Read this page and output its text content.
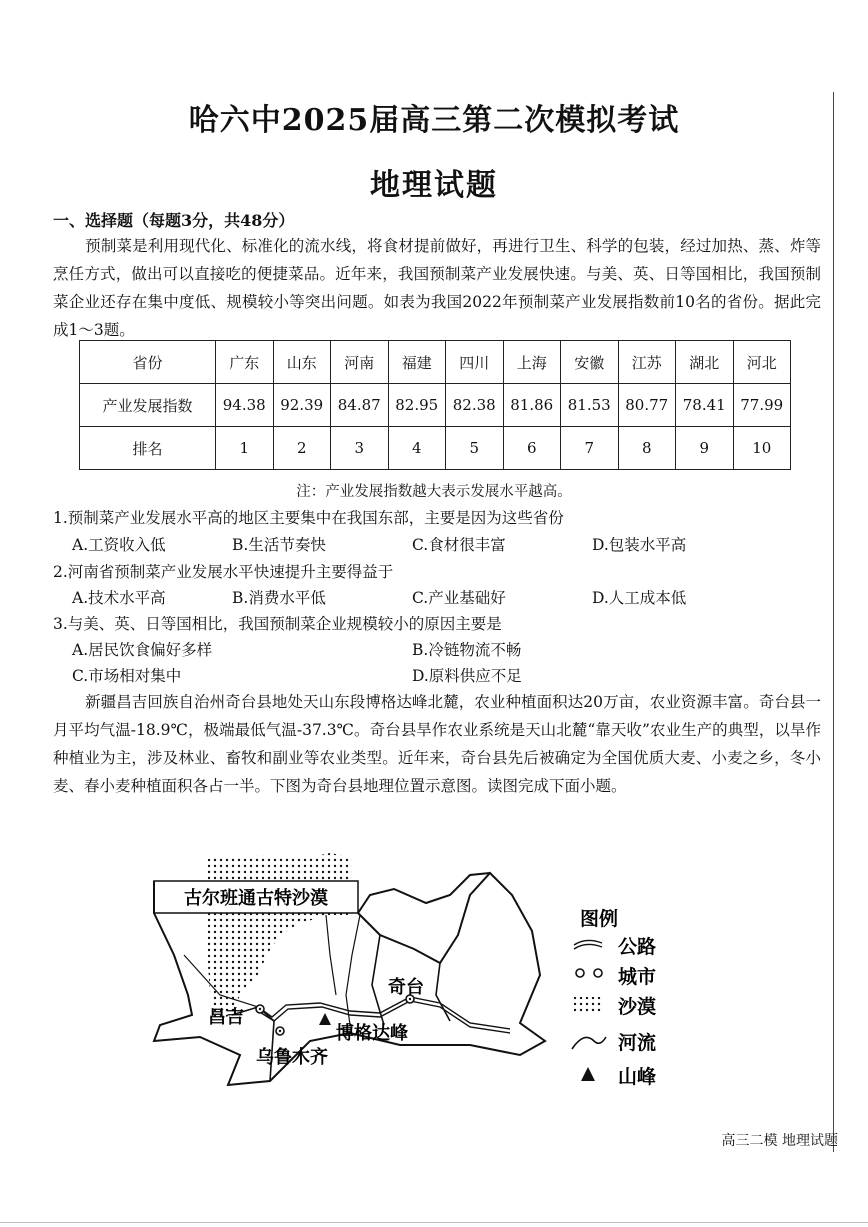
哈六中2025届高三第二次模拟考试
地理试题
一、选择题（每题3分，共48分）

预制菜是利用现代化、标准化的流水线，将食材提前做好，再进行卫生、科学的包装，经过加热、蒸、炸等烹任方式，做出可以直接吃的便捷菜品。近年来，我国预制菜产业发展快速。与美、英、日等国相比，我国预制菜企业还存在集中度低、规模较小等突出问题。如表为我国2022年预制菜产业发展指数前10名的省份。据此完成1～3题。

省份	广东	山东	河南	福建	四川	上海	安徽	江苏	湖北	河北
产业发展指数	94.38	92.39	84.87	82.95	82.38	81.86	81.53	80.77	78.41	77.99
排名	1	2	3	4	5	6	7	8	9	10
注：产业发展指数越大表示发展水平越高。
1.预制菜产业发展水平高的地区主要集中在我国东部，主要是因为这些省份
A.工资收入低	B.生活节奏快	C.食材很丰富	D.包装水平高
2.河南省预制菜产业发展水平快速提升主要得益于
A.技术水平高	B.消费水平低	C.产业基础好	D.人工成本低
3.与美、英、日等国相比，我国预制菜企业规模较小的原因主要是
A.居民饮食偏好多样	B.冷链物流不畅
C.市场相对集中	D.原料供应不足

新疆昌吉回族自治州奇台县地处天山东段博格达峰北麓，农业种植面积达20万亩，农业资源丰富。奇台县一月平均气温-18.9℃，极端最低气温-37.3℃。奇台县旱作农业系统是天山北麓“靠天收”农业生产的典型，以旱作种植业为主，涉及林业、畜牧和副业等农业类型。近年来，奇台县先后被确定为全国优质大麦、小麦之乡，冬小麦、春小麦种植面积各占一半。下图为奇台县地理位置示意图。读图完成下面小题。

古尔班通古特沙漠
昌吉
乌鲁木齐
奇台
博格达峰
图例
公路
城市
沙漠
河流
山峰
高三二模 地理试题
